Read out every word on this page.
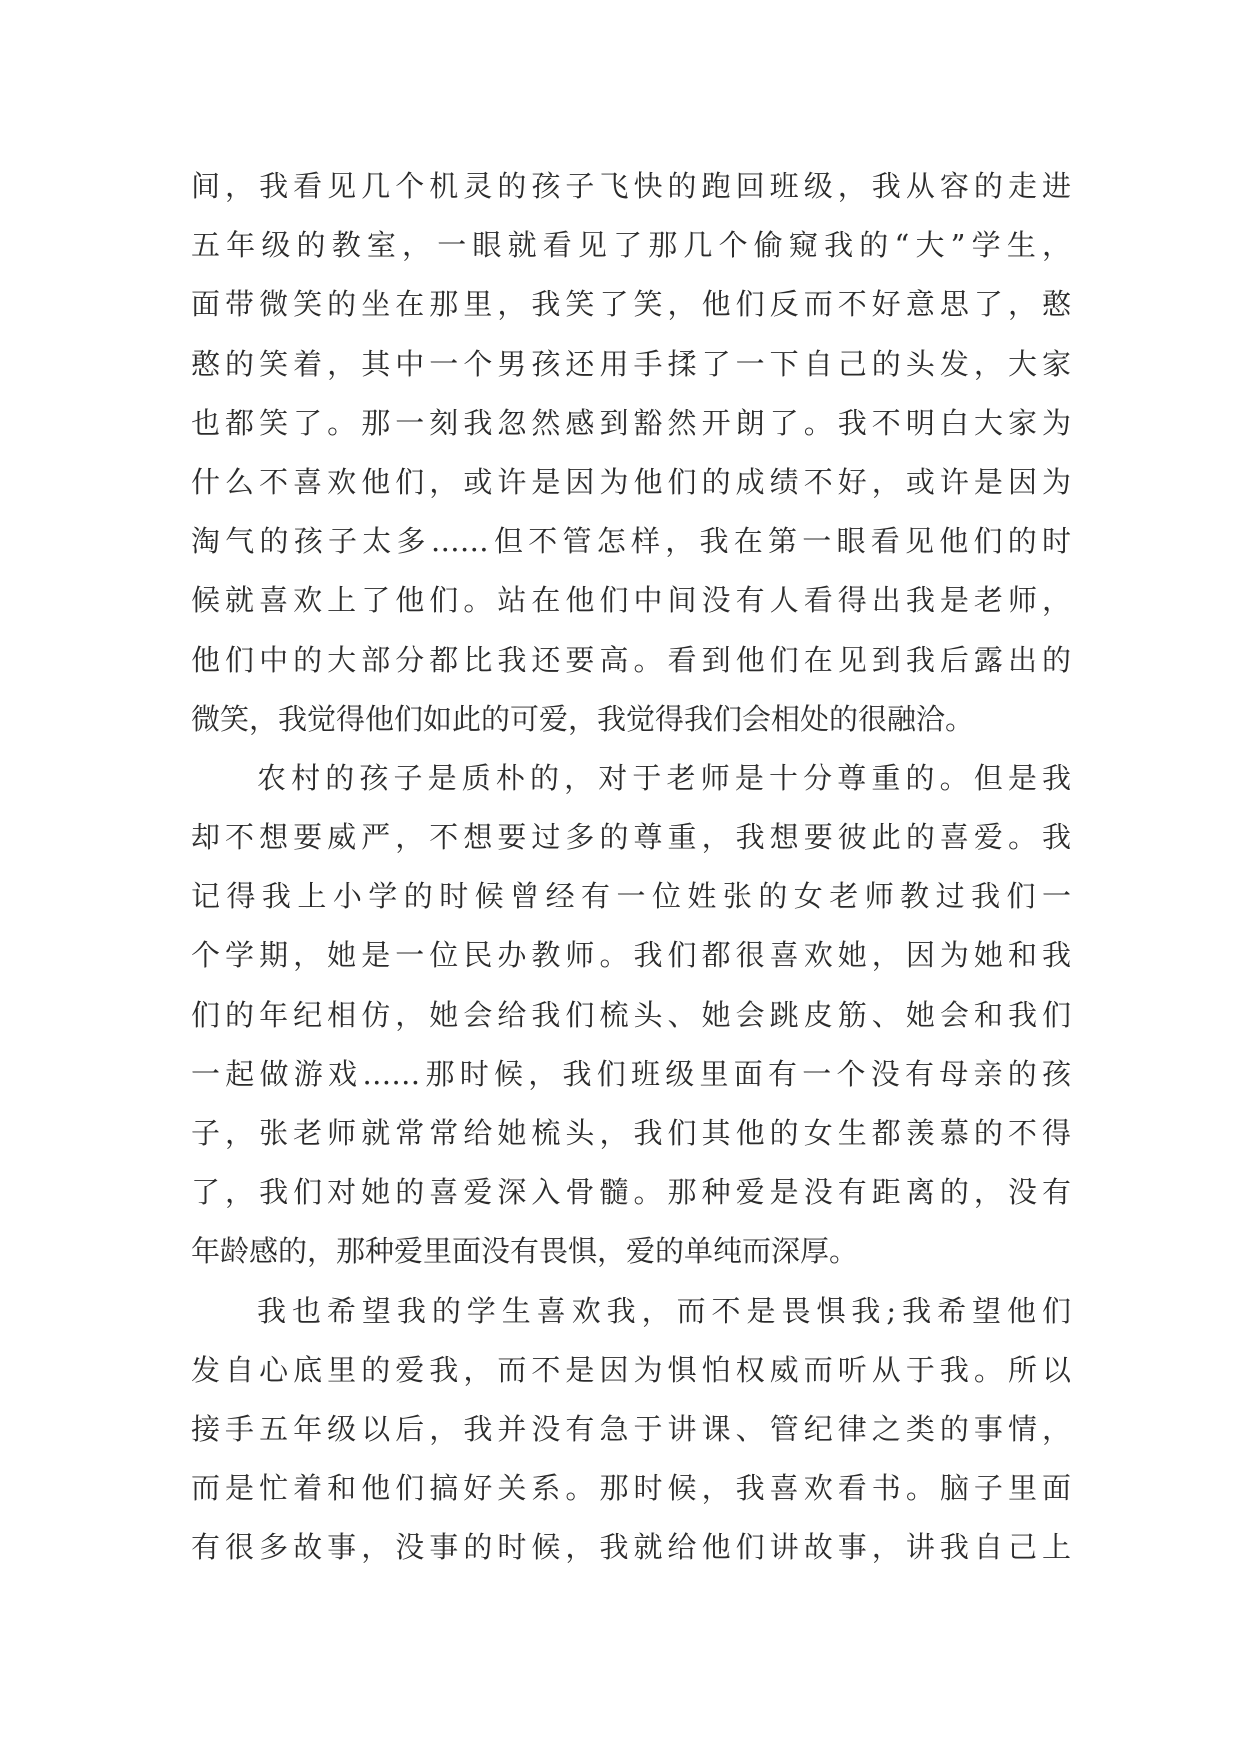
间，我看见几个机灵的孩子飞快的跑回班级，我从容的走进
五年级的教室，一眼就看见了那几个偷窥我的“大”学生，
面带微笑的坐在那里，我笑了笑，他们反而不好意思了，憨
憨的笑着，其中一个男孩还用手揉了一下自己的头发，大家
也都笑了。那一刻我忽然感到豁然开朗了。我不明白大家为
什么不喜欢他们，或许是因为他们的成绩不好，或许是因为
淘气的孩子太多……但不管怎样，我在第一眼看见他们的时
候就喜欢上了他们。站在他们中间没有人看得出我是老师，
他们中的大部分都比我还要高。看到他们在见到我后露出的
微笑，我觉得他们如此的可爱，我觉得我们会相处的很融洽。
农村的孩子是质朴的，对于老师是十分尊重的。但是我
却不想要威严，不想要过多的尊重，我想要彼此的喜爱。我
记得我上小学的时候曾经有一位姓张的女老师教过我们一
个学期，她是一位民办教师。我们都很喜欢她，因为她和我
们的年纪相仿，她会给我们梳头、她会跳皮筋、她会和我们
一起做游戏……那时候，我们班级里面有一个没有母亲的孩
子，张老师就常常给她梳头，我们其他的女生都羡慕的不得
了，我们对她的喜爱深入骨髓。那种爱是没有距离的，没有
年龄感的，那种爱里面没有畏惧，爱的单纯而深厚。
我也希望我的学生喜欢我，而不是畏惧我;我希望他们
发自心底里的爱我，而不是因为惧怕权威而听从于我。所以
接手五年级以后，我并没有急于讲课、管纪律之类的事情，
而是忙着和他们搞好关系。那时候，我喜欢看书。脑子里面
有很多故事，没事的时候，我就给他们讲故事，讲我自己上
